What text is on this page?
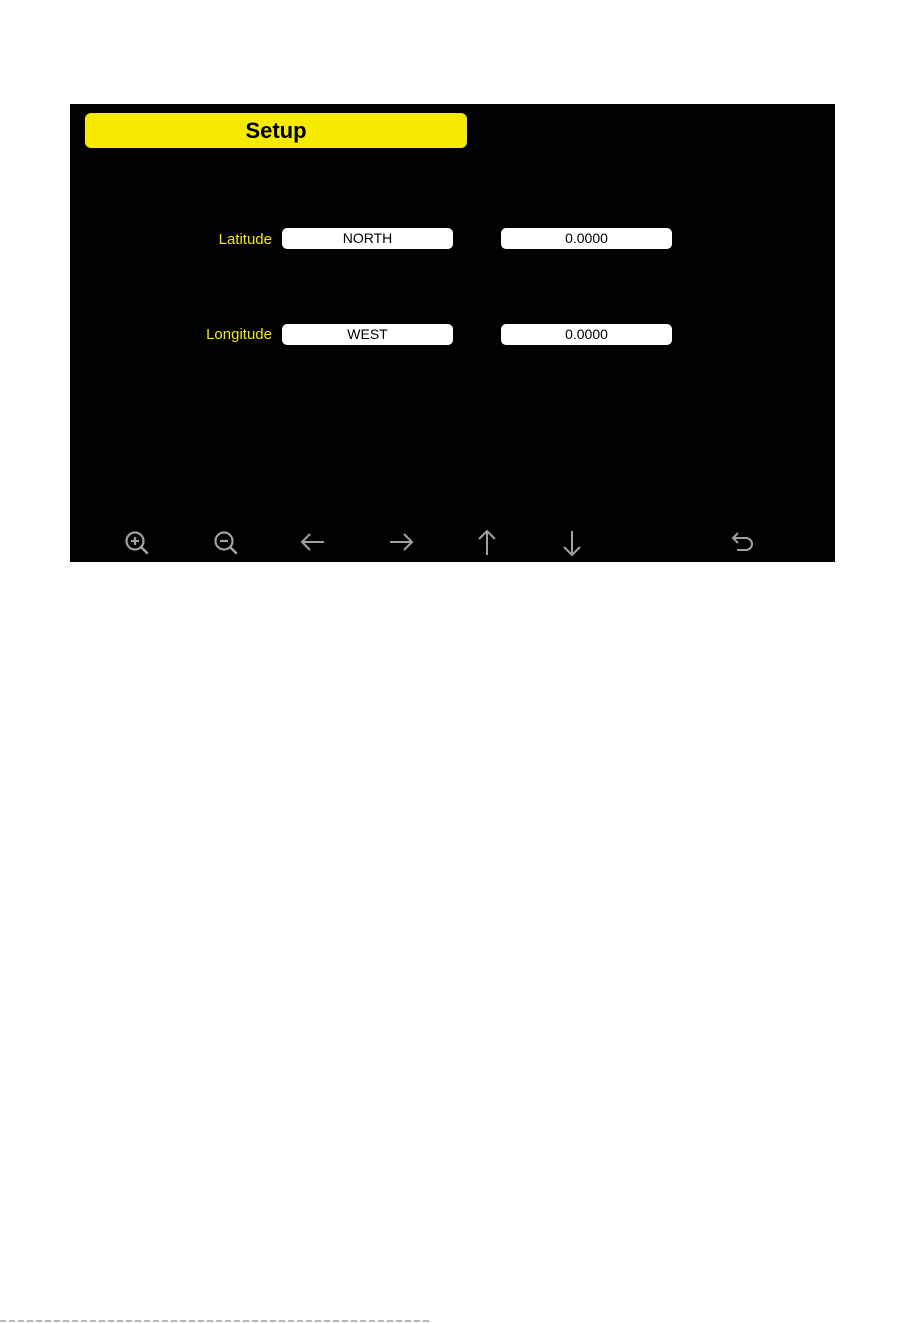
Setup
Latitude	NORTH	0.0000
Longitude	WEST	0.0000
